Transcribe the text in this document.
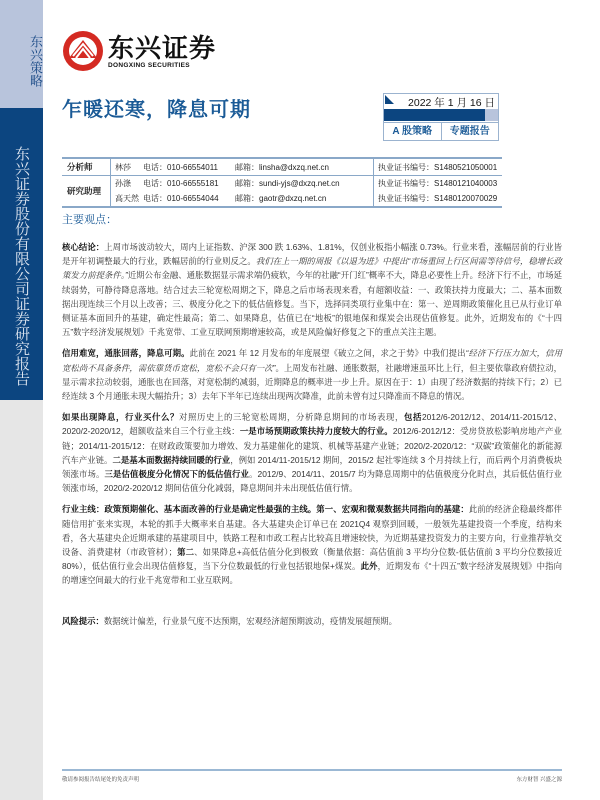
东兴策略
东兴证券股份有限公司证券研究报告
东兴证券
DONGXING SECURITIES
乍暖还寒，降息可期	2022 年 1 月 16 日
A 股策略	专题报告
分析师	林莎	电话：010-66554011	邮箱：linsha@dxzq.net.cn	执业证书编号：S1480521050001
研究助理
孙涤	电话：010-66555181	邮箱：sundi-yjs@dxzq.net.cn	执业证书编号：S1480121040003
高天然 电话：010-66554044	邮箱：gaotr@dxzq.net.cn	执业证书编号：S1480120070029
主要观点：

核心结论：上周市场波动较大，周内上证指数、沪深 300 跌 1.63%、1.81%，仅创业板指小幅涨 0.73%。行业来看，涨幅居前的行业皆是开年初调整最大的行业，跌幅居前的行业则反之。我们在上一期的周报《以退为进》中提出“市场重回上行区间需等待信号，稳增长政策发力前提条件。”近期公布金融、通胀数据显示需求端仍疲软，今年的社融“开门红”概率不大，降息必要性上升。经济下行不止，市场延续弱势，可静待降息落地。结合过去三轮宽松周期之下，降息之后市场表现来看，有超额收益：一、政策扶持力度最大；二、基本面数据出现连续三个月以上改善；三、极度分化之下的低估值修复。当下，选择同类项行业集中在：第一、逆周期政策催化且已从行业订单侧证基本面回升的基建，确定性最高；第二、如果降息，估值已在“地板”的银地保和煤炭会出现估值修复。此外，近期发布的《“十四五”数字经济发展规划》千兆宽带、工业互联网预期增速较高，或是风险偏好修复之下的重点关注主题。

信用难宽，通胀回落，降息可期。此前在 2021 年 12 月发布的年度展望《破立之间，求之于势》中我们提出“经济下行压力加大，信用宽松尚不具备条件，需依靠货币宽松，宽松不会只有一次”。上周发布社融、通胀数据，社融增速虽环比上行，但主要依靠政府债拉动，显示需求拉动较弱，通胀也在回落，对宽松制约减弱，近期降息的概率进一步上升。原因在于：1）由现了经济数据的持续下行；2）已经连续 3 个月通胀未现大幅抬升；3）去年下半年已连续出现两次降准，此前未曾有过只降准而不降息的情况。

如果出现降息，行业买什么？对照历史上的三轮宽松周期，分析降息期间的市场表现，包括2012/6-2012/12、2014/11-2015/12、2020/2-2020/12，超额收益来自三个行业主线：一是市场预期政策扶持力度较大的行业。2012/6-2012/12：受房贷放松影响房地产产业链；2014/11-2015/12：在财政政策要加力增效、发力基建催化的建筑、机械等基建产业链；2020/2-2020/12：“双碳”政策催化的新能源汽车产业链。二是基本面数据持续回暖的行业，例如 2014/11-2015/12 期间，2015/2 起社零连续 3 个月持续上行，而后两个月消费板块领涨市场。三是估值极度分化情况下的低估值行业。2012/9、2014/11、2015/7 均为降息周期中的估值极度分化时点，其后低估值行业领涨市场，2020/2-2020/12 期间估值分化减弱，降息期间并未出现低估值行情。

行业主线：政策预期催化、基本面改善的行业是确定性最强的主线。第一、宏观和微观数据共同指向的基建：此前的经济企稳最终都伴随信用扩张来实现，本轮的抓手大概率来自基建。各大基建央企订单已在 2021Q4 观察到回暖，一般领先基建投资一个季度，结构来看，各大基建央企近期承建的基建项目中，铁路工程和市政工程占比较高且增速较快，为近期基建投资发力的主要方向，行业推荐轨交设备、消费建材（市政管材）；第二、如果降息+高低估值分化到极致（衡量依据：高估值前 3 平均分位数-低估值前 3 平均分位数接近 80%），低估值行业会出现估值修复，当下分位数最低的行业包括银地保+煤炭。此外，近期发布《“十四五”数字经济发展规划》中指向的增速空间最大的行业千兆宽带和工业互联网。

风险提示：数据统计偏差，行业景气度不达预期，宏观经济超预期波动，疫情发展超预期。

敬请参阅报告结尾处的免责声明	东方财智 兴盛之源
